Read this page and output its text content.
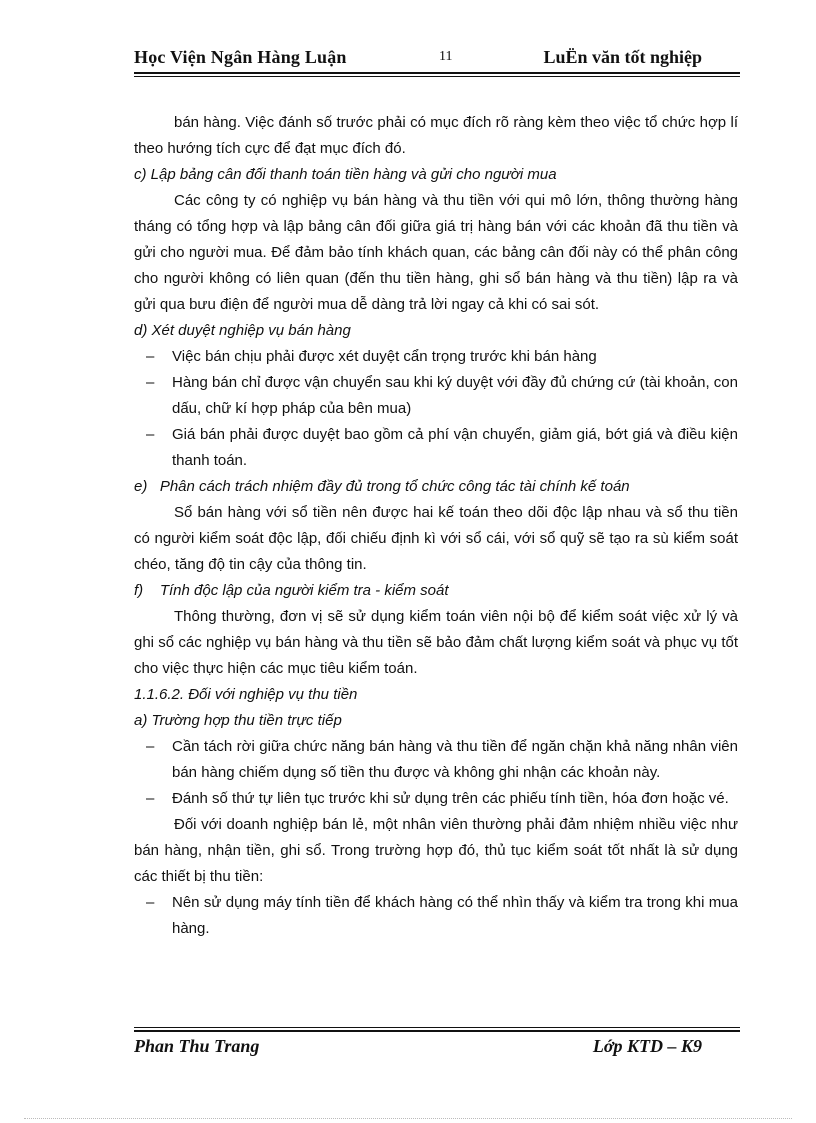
Học Viện Ngân Hàng Luận	11	LuËn văn tốt nghiệp

bán hàng. Việc đánh số trước phải có mục đích rõ ràng kèm theo việc tổ chức hợp lí theo hướng tích cực để đạt mục đích đó.

c) Lập bảng cân đối thanh toán tiền hàng và gửi cho người mua

Các công ty có nghiệp vụ bán hàng và thu tiền với qui mô lớn, thông thường hàng tháng có tổng hợp và lập bảng cân đối giữa giá trị hàng bán với các khoản đã thu tiền và gửi cho người mua. Để đảm bảo tính khách quan, các bảng cân đối này có thể phân công cho người không có liên quan (đến thu tiền hàng, ghi sổ bán hàng và thu tiền) lập ra và gửi qua bưu điện để người mua dễ dàng trả lời ngay cả khi có sai sót.

d) Xét duyệt nghiệp vụ bán hàng

– Việc bán chịu phải được xét duyệt cẩn trọng trước khi bán hàng

– Hàng bán chỉ được vận chuyển sau khi ký duyệt với đầy đủ chứng cứ (tài khoản, con dấu, chữ kí hợp pháp của bên mua)

– Giá bán phải được duyệt bao gồm cả phí vận chuyển, giảm giá, bớt giá và điều kiện thanh toán.

e)   Phân cách trách nhiệm đầy đủ trong tổ chức công tác tài chính kế toán

Sổ bán hàng với sổ tiền nên được hai kế toán theo dõi độc lập nhau và sổ thu tiền có người kiểm soát độc lập, đối chiếu định kì với sổ cái, với sổ quỹ sẽ tạo ra sù kiểm soát chéo, tăng độ tin cậy của thông tin.

f)    Tính độc lập của người kiểm tra - kiểm soát

Thông thường, đơn vị sẽ sử dụng kiểm toán viên nội bộ để kiểm soát việc xử lý và ghi sổ các nghiệp vụ bán hàng và thu tiền sẽ bảo đảm chất lượng kiểm soát và phục vụ tốt cho việc thực hiện các mục tiêu kiểm toán.

1.1.6.2. Đối với nghiệp vụ thu tiền

a) Trường hợp thu tiền trực tiếp

– Cần tách rời giữa chức năng bán hàng và thu tiền để ngăn chặn khả năng nhân viên bán hàng chiếm dụng số tiền thu được và không ghi nhận các khoản này.

– Đánh số thứ tự liên tục trước khi sử dụng trên các phiếu tính tiền, hóa đơn hoặc vé.

Đối với doanh nghiệp bán lẻ, một nhân viên thường phải đảm nhiệm nhiều việc như bán hàng, nhận tiền, ghi sổ. Trong trường hợp đó, thủ tục kiểm soát tốt nhất là sử dụng các thiết bị thu tiền:

– Nên sử dụng máy tính tiền để khách hàng có thể nhìn thấy và kiểm tra trong khi mua hàng.

Phan Thu Trang	Lớp KTD – K9
